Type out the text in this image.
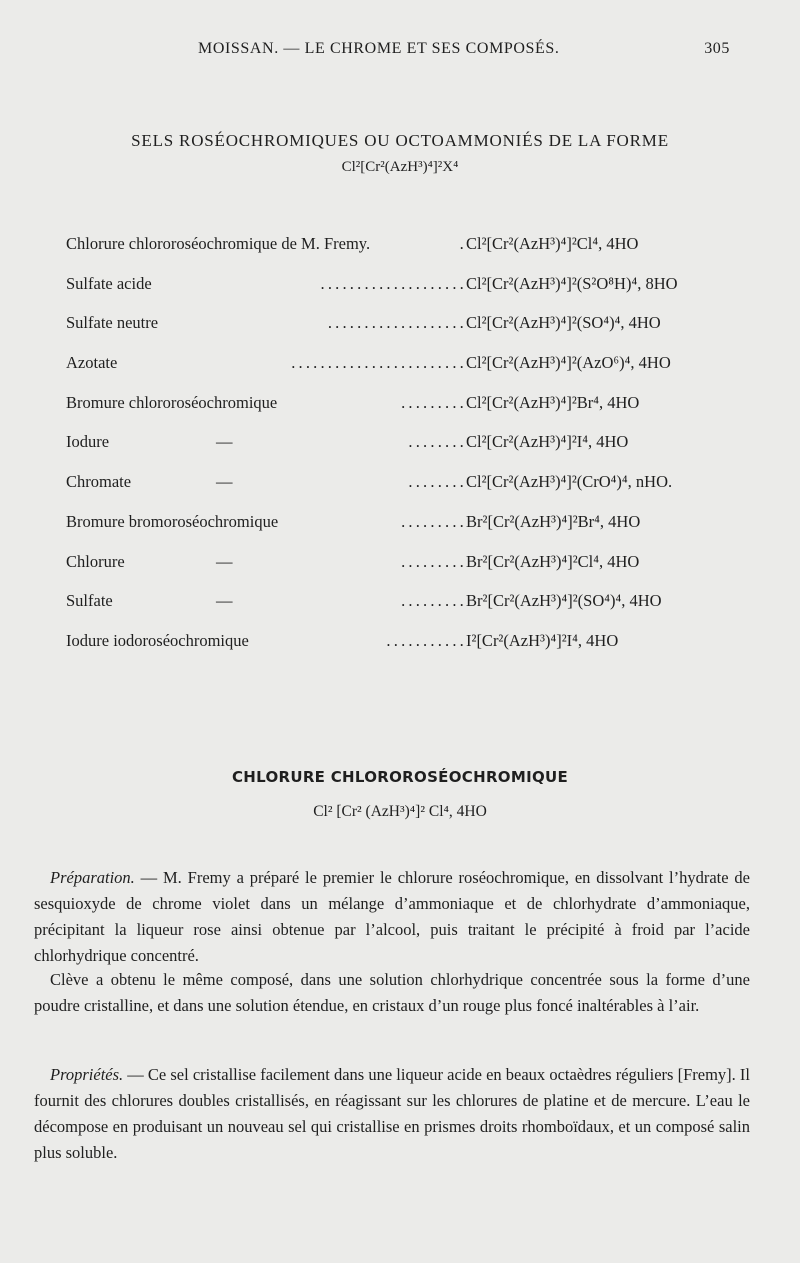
MOISSAN. — LE CHROME ET SES COMPOSÉS.	305
SELS ROSÉOCHROMIQUES OU OCTOAMMONIÉS DE LA FORME
Cl²[Cr²(AzH³)⁴]²X⁴
Chlorure chlororoséochromique de M. Fremy.	. Cl²[Cr²(AzH³)⁴]²Cl⁴, 4HO
Sulfate acide	.................... Cl²[Cr²(AzH³)⁴]²(S²O⁸H)⁴, 8HO
Sulfate neutre	................... Cl²[Cr²(AzH³)⁴]²(SO⁴)⁴, 4HO
Azotate	........................ Cl²[Cr²(AzH³)⁴]²(AzO⁶)⁴, 4HO
Bromure chlororoséochromique	......... Cl²[Cr²(AzH³)⁴]²Br⁴, 4HO
Iodure	—	........ Cl²[Cr²(AzH³)⁴]²I⁴, 4HO
Chromate	—	........ Cl²[Cr²(AzH³)⁴]²(CrO⁴)⁴, nHO.
Bromure bromoroséochromique	......... Br²[Cr²(AzH³)⁴]²Br⁴, 4HO
Chlorure	—	......... Br²[Cr²(AzH³)⁴]²Cl⁴, 4HO
Sulfate	—	......... Br²[Cr²(AzH³)⁴]²(SO⁴)⁴, 4HO
Iodure iodoroséochromique	........... I²[Cr²(AzH³)⁴]²I⁴, 4HO
CHLORURE CHLOROROSÉOCHROMIQUE
Cl² [Cr² (AzH³)⁴]² Cl⁴, 4HO

Préparation. — M. Fremy a préparé le premier le chlorure roséochromique, en dissolvant l’hydrate de sesquioxyde de chrome violet dans un mélange d’ammoniaque et de chlorhydrate d’ammoniaque, précipitant la liqueur rose ainsi obtenue par l’alcool, puis traitant le précipité à froid par l’acide chlorhydrique concentré.

Clève a obtenu le même composé, dans une solution chlorhydrique concentrée sous la forme d’une poudre cristalline, et dans une solution étendue, en cristaux d’un rouge plus foncé inaltérables à l’air.

Propriétés. — Ce sel cristallise facilement dans une liqueur acide en beaux octaèdres réguliers [Fremy]. Il fournit des chlorures doubles cristallisés, en réagissant sur les chlorures de platine et de mercure. L’eau le décompose en produisant un nouveau sel qui cristallise en prismes droits rhomboïdaux, et un composé salin plus soluble.
